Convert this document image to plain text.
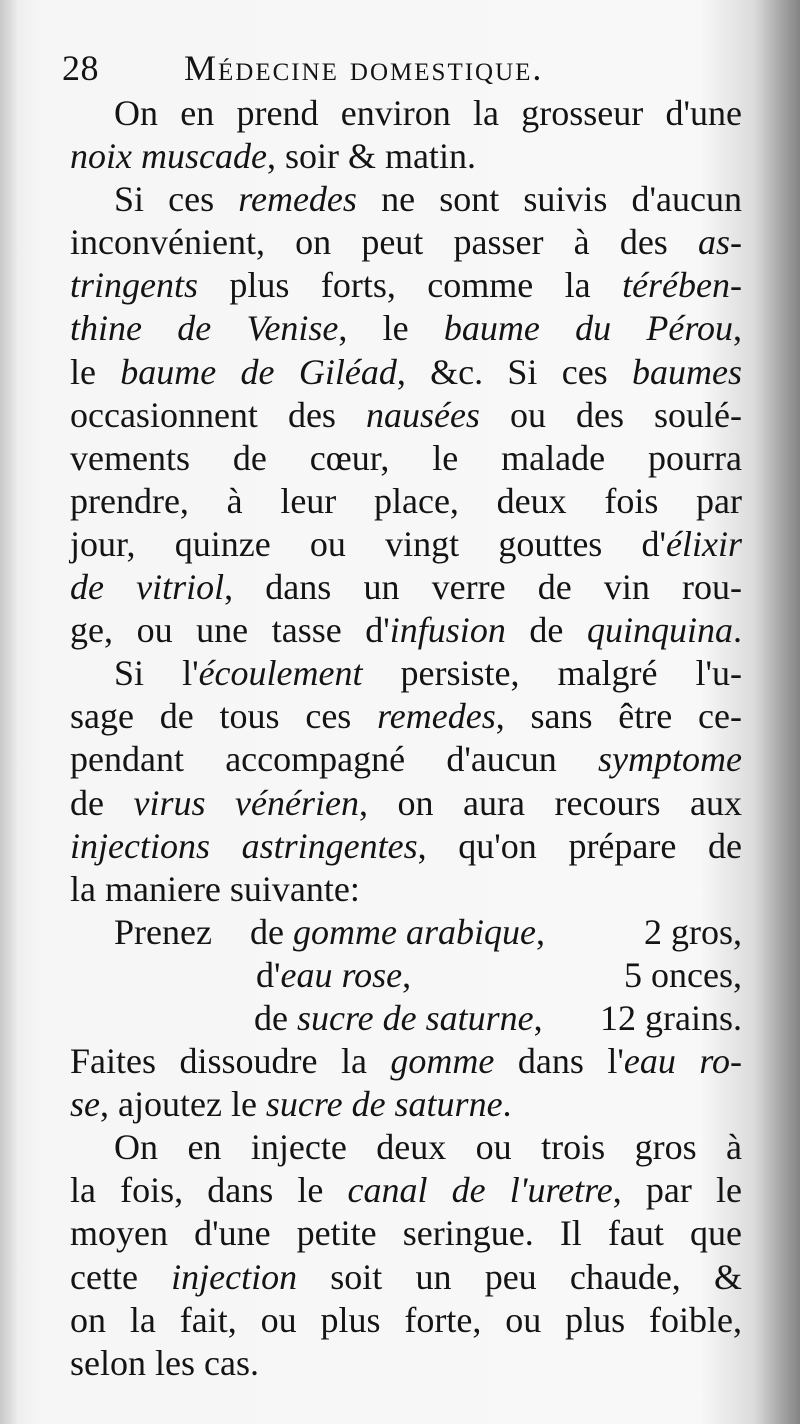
28 Médecine domestique.
On en prend environ la grosseur d'une
noix muscade, soir & matin.
Si ces remedes ne sont suivis d'aucun
inconvénient, on peut passer à des as-
tringents plus forts, comme la térében-
thine de Venise, le baume du Pérou,
le baume de Giléad, &c. Si ces baumes
occasionnent des nausées ou des soulé-
vements de cœur, le malade pourra
prendre, à leur place, deux fois par
jour, quinze ou vingt gouttes d'élixir
de vitriol, dans un verre de vin rou-
ge, ou une tasse d'infusion de quinquina.
Si l'écoulement persiste, malgré l'u-
sage de tous ces remedes, sans être ce-
pendant accompagné d'aucun symptome
de virus vénérien, on aura recours aux
injections astringentes, qu'on prépare de
la maniere suivante:
Prenez de gomme arabique,	2 gros,
d'eau rose,	5 onces,
de sucre de saturne, 12 grains.
Faites dissoudre la gomme dans l'eau ro-
se, ajoutez le sucre de saturne.
On en injecte deux ou trois gros à
la fois, dans le canal de l'uretre, par le
moyen d'une petite seringue. Il faut que
cette injection soit un peu chaude, &
on la fait, ou plus forte, ou plus foible,
selon les cas.
